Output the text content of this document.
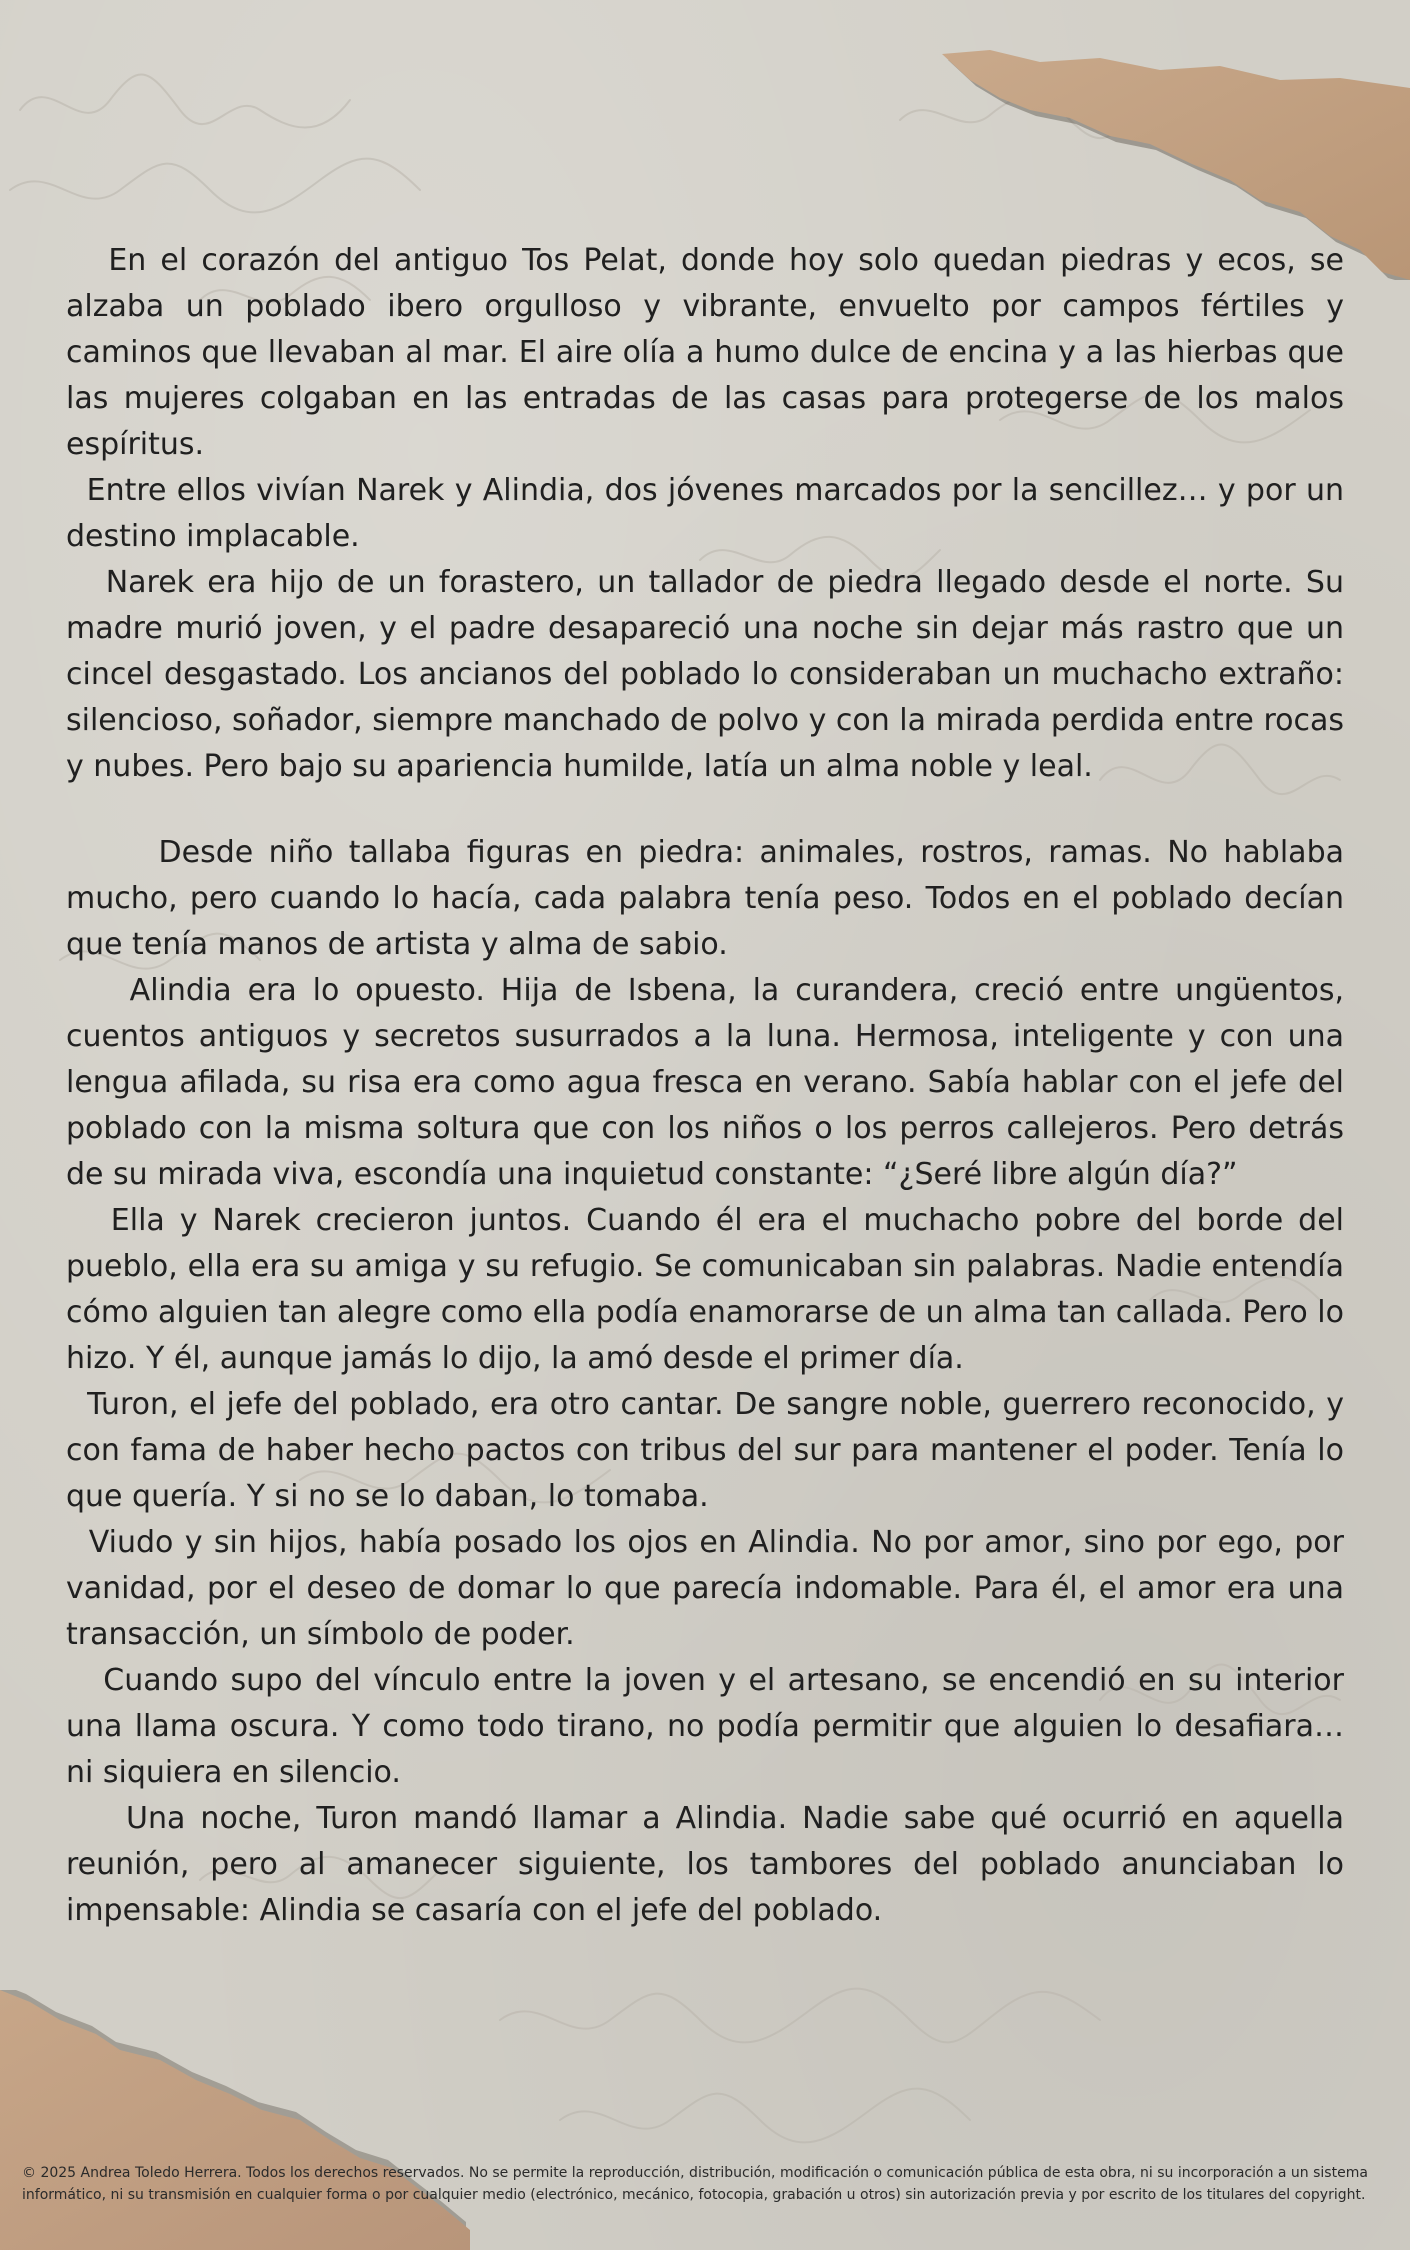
En el corazón del antiguo Tos Pelat, donde hoy solo quedan piedras y ecos, se alzaba un poblado ibero orgulloso y vibrante, envuelto por campos fértiles y caminos que llevaban al mar. El aire olía a humo dulce de encina y a las hierbas que las mujeres colgaban en las entradas de las casas para protegerse de los malos espíritus.

Entre ellos vivían Narek y Alindia, dos jóvenes marcados por la sencillez… y por un destino implacable.

Narek era hijo de un forastero, un tallador de piedra llegado desde el norte. Su madre murió joven, y el padre desapareció una noche sin dejar más rastro que un cincel desgastado. Los ancianos del poblado lo consideraban un muchacho extraño: silencioso, soñador, siempre manchado de polvo y con la mirada perdida entre rocas y nubes. Pero bajo su apariencia humilde, latía un alma noble y leal.

Desde niño tallaba figuras en piedra: animales, rostros, ramas. No hablaba mucho, pero cuando lo hacía, cada palabra tenía peso. Todos en el poblado decían que tenía manos de artista y alma de sabio.

Alindia era lo opuesto. Hija de Isbena, la curandera, creció entre ungüentos, cuentos antiguos y secretos susurrados a la luna. Hermosa, inteligente y con una lengua afilada, su risa era como agua fresca en verano. Sabía hablar con el jefe del poblado con la misma soltura que con los niños o los perros callejeros. Pero detrás de su mirada viva, escondía una inquietud constante: “¿Seré libre algún día?”

Ella y Narek crecieron juntos. Cuando él era el muchacho pobre del borde del pueblo, ella era su amiga y su refugio. Se comunicaban sin palabras. Nadie entendía cómo alguien tan alegre como ella podía enamorarse de un alma tan callada. Pero lo hizo. Y él, aunque jamás lo dijo, la amó desde el primer día.

Turon, el jefe del poblado, era otro cantar. De sangre noble, guerrero reconocido, y con fama de haber hecho pactos con tribus del sur para mantener el poder. Tenía lo que quería. Y si no se lo daban, lo tomaba.

Viudo y sin hijos, había posado los ojos en Alindia. No por amor, sino por ego, por vanidad, por el deseo de domar lo que parecía indomable. Para él, el amor era una transacción, un símbolo de poder.

Cuando supo del vínculo entre la joven y el artesano, se encendió en su interior una llama oscura. Y como todo tirano, no podía permitir que alguien lo desafiara… ni siquiera en silencio.

Una noche, Turon mandó llamar a Alindia. Nadie sabe qué ocurrió en aquella reunión, pero al amanecer siguiente, los tambores del poblado anunciaban lo impensable: Alindia se casaría con el jefe del poblado.

© 2025 Andrea Toledo Herrera. Todos los derechos reservados. No se permite la reproducción, distribución, modificación o comunicación pública de esta obra, ni su incorporación a un sistema informático, ni su transmisión en cualquier forma o por cualquier medio (electrónico, mecánico, fotocopia, grabación u otros) sin autorización previa y por escrito de los titulares del copyright.
